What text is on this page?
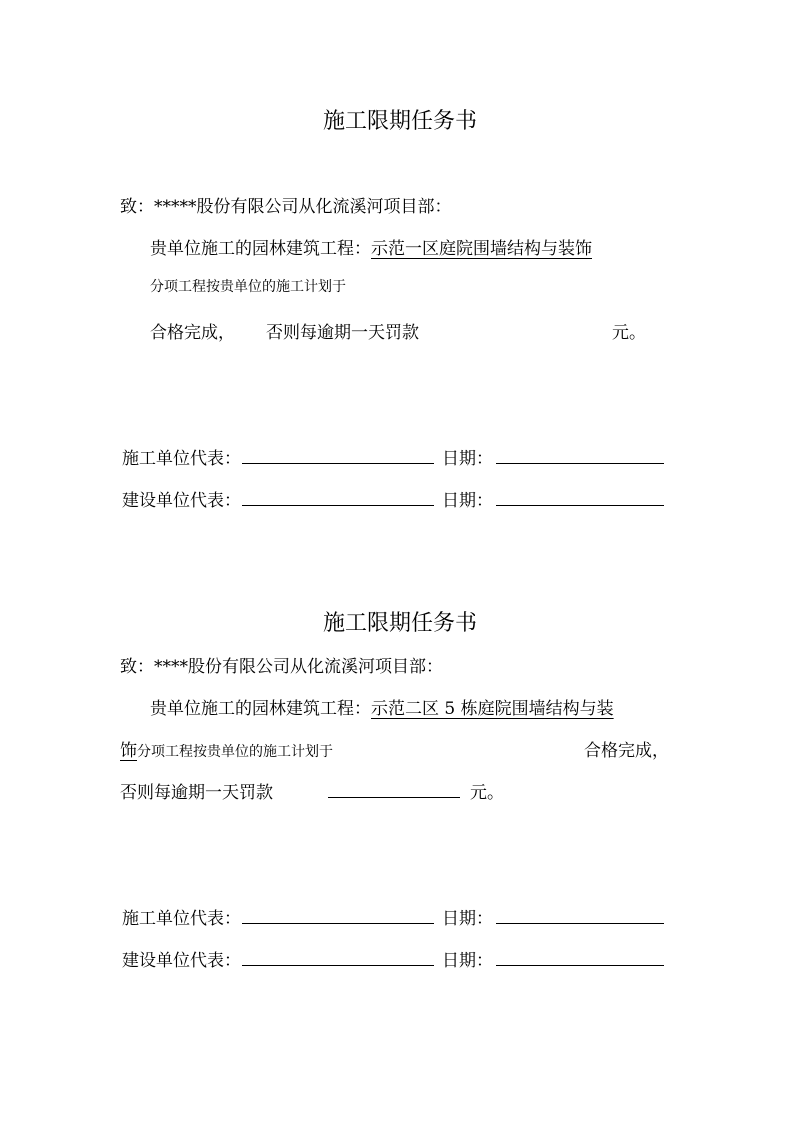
施工限期任务书
致：*****股份有限公司从化流溪河项目部：
贵单位施工的园林建筑工程：示范一区庭院围墙结构与装饰
分项工程按贵单位的施工计划于
合格完成， 否则每逾期一天罚款	元。
施工单位代表：	日期：
建设单位代表：	日期：
施工限期任务书
致：****股份有限公司从化流溪河项目部：
贵单位施工的园林建筑工程：示范二区 5 栋庭院围墙结构与装
饰分项工程按贵单位的施工计划于	合格完成，
否则每逾期一天罚款	元。
施工单位代表：	日期：
建设单位代表：	日期：
